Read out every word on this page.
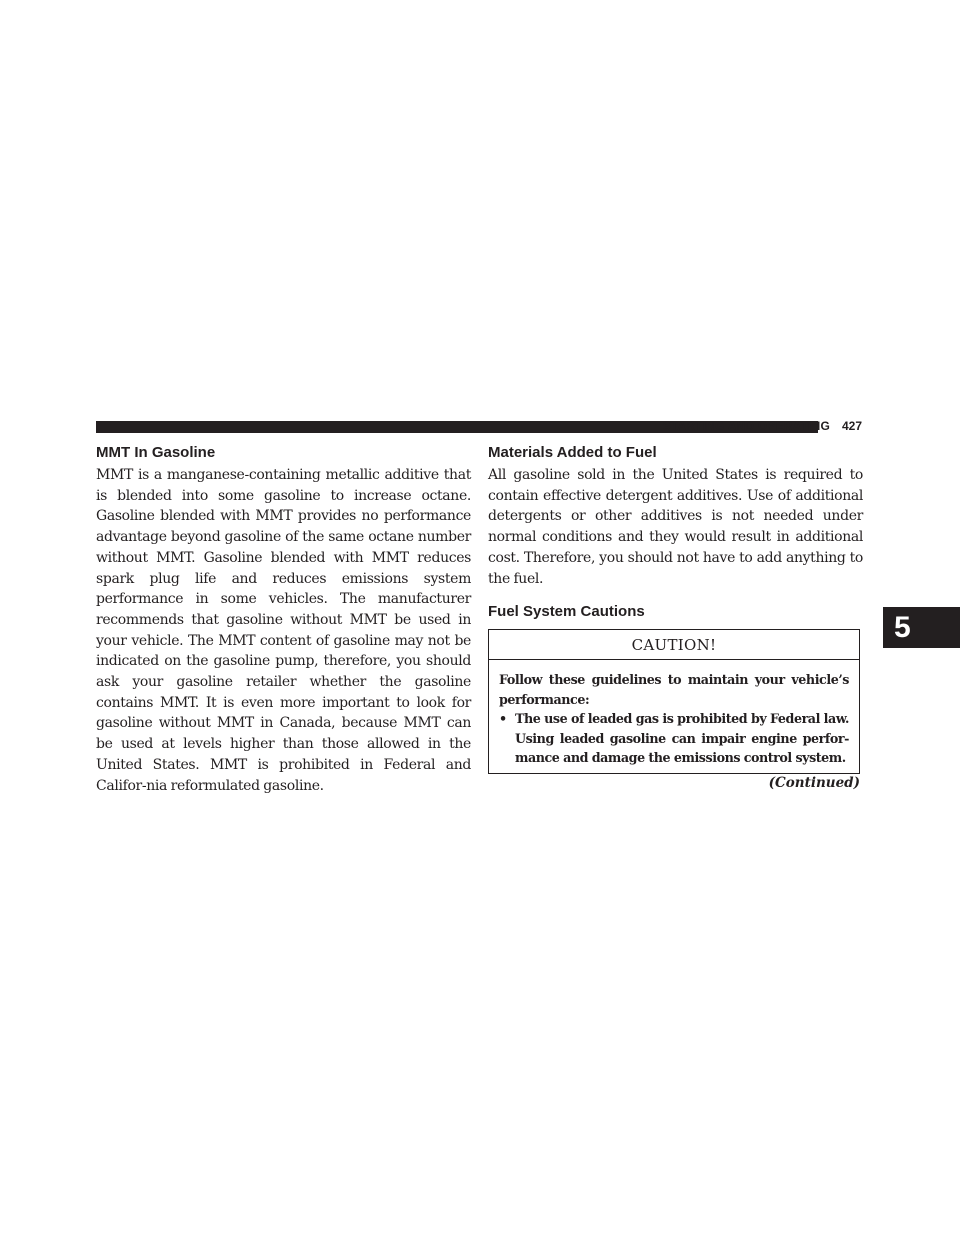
STARTING AND OPERATING 427
MMT In Gasoline

MMT is a manganese-containing metallic additive that is blended into some gasoline to increase octane. Gasoline blended with MMT provides no performance advantage beyond gasoline of the same octane number without MMT. Gasoline blended with MMT reduces spark plug life and reduces emissions system performance in some vehicles. The manufacturer recommends that gasoline without MMT be used in your vehicle. The MMT content of gasoline may not be indicated on the gasoline pump, therefore, you should ask your gasoline retailer whether the gasoline contains MMT. It is even more important to look for gasoline without MMT in Canada, because MMT can be used at levels higher than those allowed in the United States. MMT is prohibited in Federal and Califor-nia reformulated gasoline.

Materials Added to Fuel

All gasoline sold in the United States is required to contain effective detergent additives. Use of additional detergents or other additives is not needed under normal conditions and they would result in additional cost. Therefore, you should not have to add anything to the fuel.

Fuel System Cautions
CAUTION!

Follow these guidelines to maintain your vehicle’s performance:

• The use of leaded gas is prohibited by Federal law. Using leaded gasoline can impair engine perfor-mance and damage the emissions control system.
(Continued)
5
